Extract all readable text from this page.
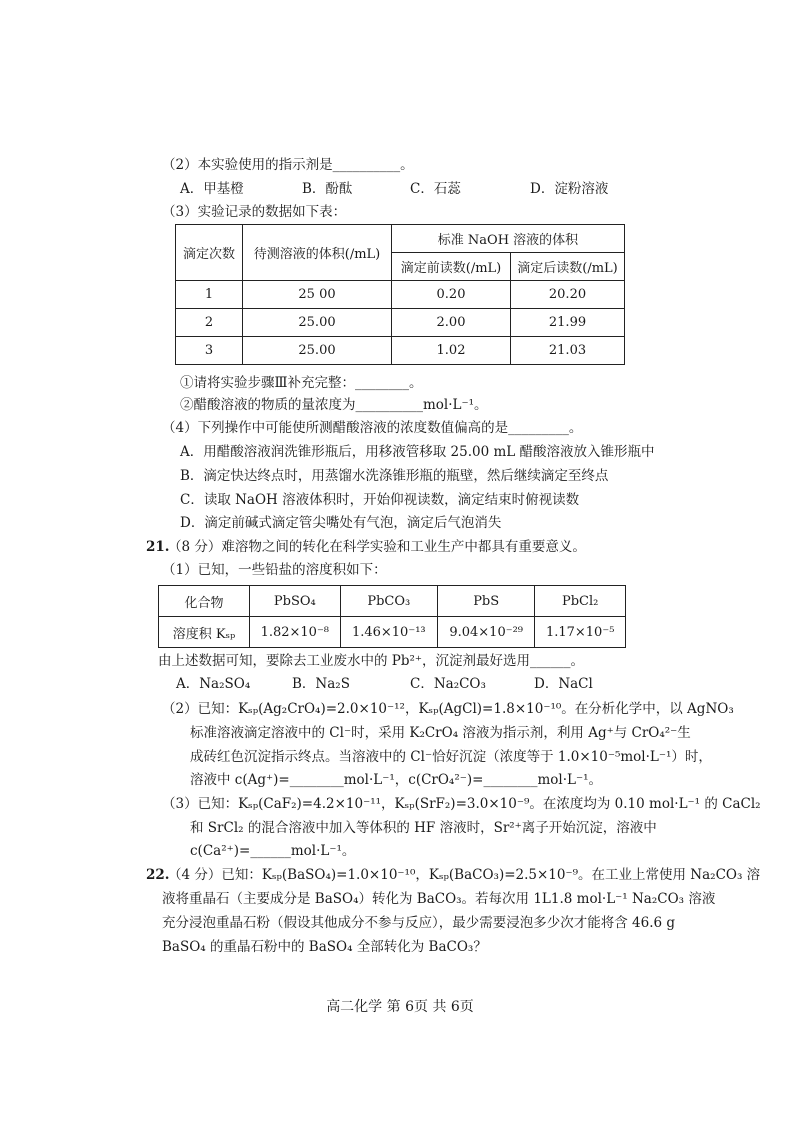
（2）本实验使用的指示剂是__________。
A．甲基橙	B．酚酞	C．石蕊	D．淀粉溶液
（3）实验记录的数据如下表：
滴定次数	待测溶液的体积(/mL)	标准 NaOH 溶液的体积	
		滴定前读数(/mL)	滴定后读数(/mL)
1	25 00	0.20	20.20
2	25.00	2.00	21.99
3	25.00	1.02	21.03
①请将实验步骤Ⅲ补充完整：________。
②醋酸溶液的物质的量浓度为__________mol·L⁻¹。
（4）下列操作中可能使所测醋酸溶液的浓度数值偏高的是_________。
A．用醋酸溶液润洗锥形瓶后，用移液管移取 25.00 mL 醋酸溶液放入锥形瓶中
B．滴定快达终点时，用蒸馏水洗涤锥形瓶的瓶壁，然后继续滴定至终点
C．读取 NaOH 溶液体积时，开始仰视读数，滴定结束时俯视读数
D．滴定前碱式滴定管尖嘴处有气泡，滴定后气泡消失
21.
（8 分）难溶物之间的转化在科学实验和工业生产中都具有重要意义。
（1）已知，一些铅盐的溶度积如下：
化合物	PbSO₄	PbCO₃	PbS	PbCl₂
溶度积 Kₛₚ	1.82×10⁻⁸	1.46×10⁻¹³	9.04×10⁻²⁹	1.17×10⁻⁵
由上述数据可知，要除去工业废水中的 Pb²⁺，沉淀剂最好选用______。
A．Na₂SO₄	B．Na₂S	C．Na₂CO₃	D．NaCl
（2）已知：Kₛₚ(Ag₂CrO₄)=2.0×10⁻¹²，Kₛₚ(AgCl)=1.8×10⁻¹⁰。在分析化学中，以 AgNO₃
标准溶液滴定溶液中的 Cl⁻时，采用 K₂CrO₄ 溶液为指示剂，利用 Ag⁺与 CrO₄²⁻生
成砖红色沉淀指示终点。当溶液中的 Cl⁻恰好沉淀（浓度等于 1.0×10⁻⁵mol·L⁻¹）时，
溶液中 c(Ag⁺)=________mol·L⁻¹，c(CrO₄²⁻)=________mol·L⁻¹。
（3）已知：Kₛₚ(CaF₂)=4.2×10⁻¹¹，Kₛₚ(SrF₂)=3.0×10⁻⁹。在浓度均为 0.10 mol·L⁻¹ 的 CaCl₂
和 SrCl₂ 的混合溶液中加入等体积的 HF 溶液时，Sr²⁺离子开始沉淀，溶液中
c(Ca²⁺)=______mol·L⁻¹。
22.
（4 分）已知：Kₛₚ(BaSO₄)=1.0×10⁻¹⁰，Kₛₚ(BaCO₃)=2.5×10⁻⁹。在工业上常使用 Na₂CO₃ 溶
液将重晶石（主要成分是 BaSO₄）转化为 BaCO₃。若每次用 1L1.8 mol·L⁻¹ Na₂CO₃ 溶液
充分浸泡重晶石粉（假设其他成分不参与反应），最少需要浸泡多少次才能将含 46.6 g
BaSO₄ 的重晶石粉中的 BaSO₄ 全部转化为 BaCO₃？
高二化学 第 6页 共 6页
